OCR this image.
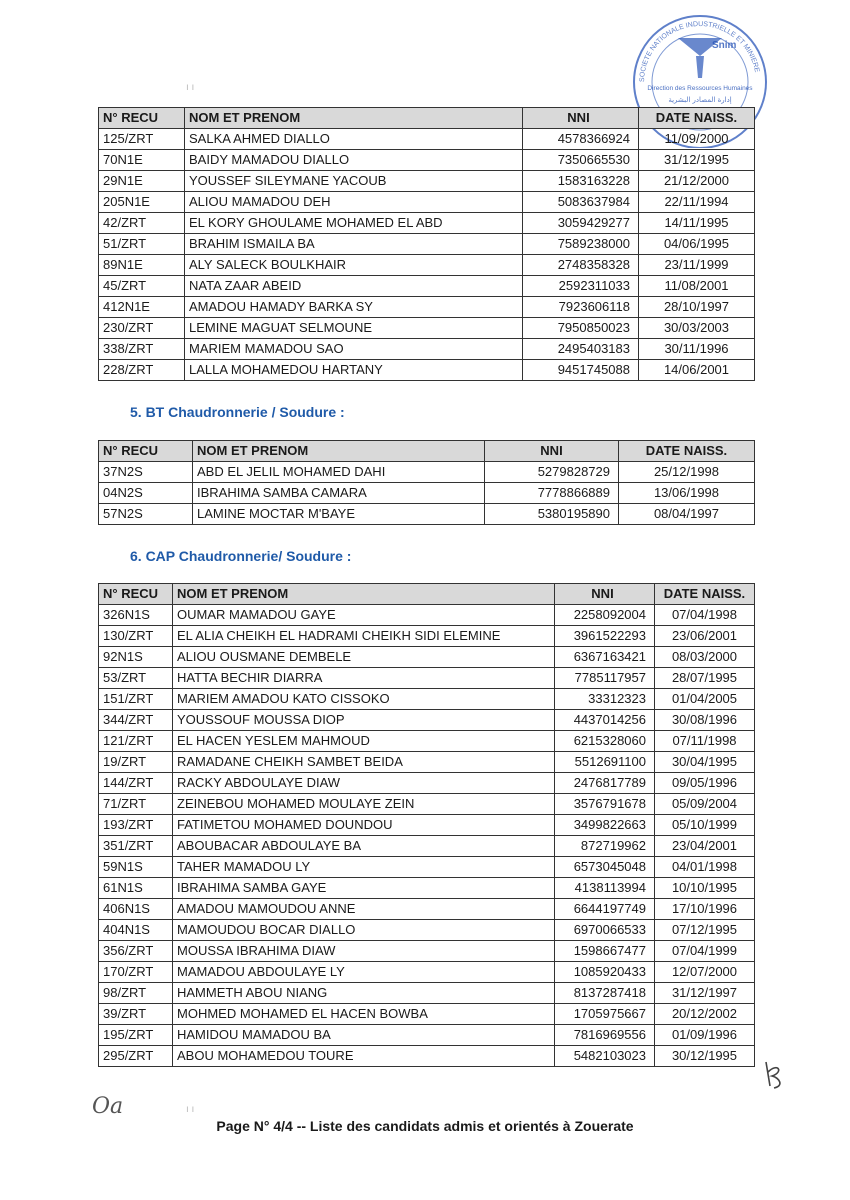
SOCIETE NATIONALE INDUSTRIELLE ET MINIERE
Snim
Direction des Ressources Humaines
إدارة المصادر البشرية
ı ı
N° RECU	NOM ET PRENOM	NNI	DATE NAISS.
125/ZRT	SALKA AHMED DIALLO	4578366924	11/09/2000
70N1E	BAIDY MAMADOU DIALLO	7350665530	31/12/1995
29N1E	YOUSSEF SILEYMANE YACOUB	1583163228	21/12/2000
205N1E	ALIOU MAMADOU DEH	5083637984	22/11/1994
42/ZRT	EL KORY GHOULAME MOHAMED EL ABD	3059429277	14/11/1995
51/ZRT	BRAHIM ISMAILA BA	7589238000	04/06/1995
89N1E	ALY SALECK BOULKHAIR	2748358328	23/11/1999
45/ZRT	NATA ZAAR ABEID	2592311033	11/08/2001
412N1E	AMADOU HAMADY BARKA SY	7923606118	28/10/1997
230/ZRT	LEMINE MAGUAT SELMOUNE	7950850023	30/03/2003
338/ZRT	MARIEM MAMADOU SAO	2495403183	30/11/1996
228/ZRT	LALLA MOHAMEDOU HARTANY	9451745088	14/06/2001
5. BT Chaudronnerie / Soudure :
N° RECU	NOM ET PRENOM	NNI	DATE NAISS.
37N2S	ABD EL JELIL MOHAMED DAHI	5279828729	25/12/1998
04N2S	IBRAHIMA SAMBA CAMARA	7778866889	13/06/1998
57N2S	LAMINE MOCTAR M'BAYE	5380195890	08/04/1997
6. CAP Chaudronnerie/ Soudure :
N° RECU	NOM ET PRENOM	NNI	DATE NAISS.
326N1S	OUMAR MAMADOU GAYE	2258092004	07/04/1998
130/ZRT	EL ALIA CHEIKH EL HADRAMI CHEIKH SIDI ELEMINE	3961522293	23/06/2001
92N1S	ALIOU OUSMANE DEMBELE	6367163421	08/03/2000
53/ZRT	HATTA BECHIR DIARRA	7785117957	28/07/1995
151/ZRT	MARIEM AMADOU KATO CISSOKO	33312323	01/04/2005
344/ZRT	YOUSSOUF MOUSSA DIOP	4437014256	30/08/1996
121/ZRT	EL HACEN YESLEM MAHMOUD	6215328060	07/11/1998
19/ZRT	RAMADANE CHEIKH SAMBET BEIDA	5512691100	30/04/1995
144/ZRT	RACKY ABDOULAYE DIAW	2476817789	09/05/1996
71/ZRT	ZEINEBOU MOHAMED MOULAYE ZEIN	3576791678	05/09/2004
193/ZRT	FATIMETOU MOHAMED DOUNDOU	3499822663	05/10/1999
351/ZRT	ABOUBACAR ABDOULAYE BA	872719962	23/04/2001
59N1S	TAHER MAMADOU LY	6573045048	04/01/1998
61N1S	IBRAHIMA SAMBA GAYE	4138113994	10/10/1995
406N1S	AMADOU MAMOUDOU ANNE	6644197749	17/10/1996
404N1S	MAMOUDOU BOCAR DIALLO	6970066533	07/12/1995
356/ZRT	MOUSSA IBRAHIMA DIAW	1598667477	07/04/1999
170/ZRT	MAMADOU ABDOULAYE LY	1085920433	12/07/2000
98/ZRT	HAMMETH ABOU NIANG	8137287418	31/12/1997
39/ZRT	MOHMED MOHAMED EL HACEN BOWBA	1705975667	20/12/2002
195/ZRT	HAMIDOU MAMADOU BA	7816969556	01/09/1996
295/ZRT	ABOU MOHAMEDOU TOURE	5482103023	30/12/1995
Oa	ı ı
Page N° 4/4 -- Liste des candidats admis et orientés à Zouerate
